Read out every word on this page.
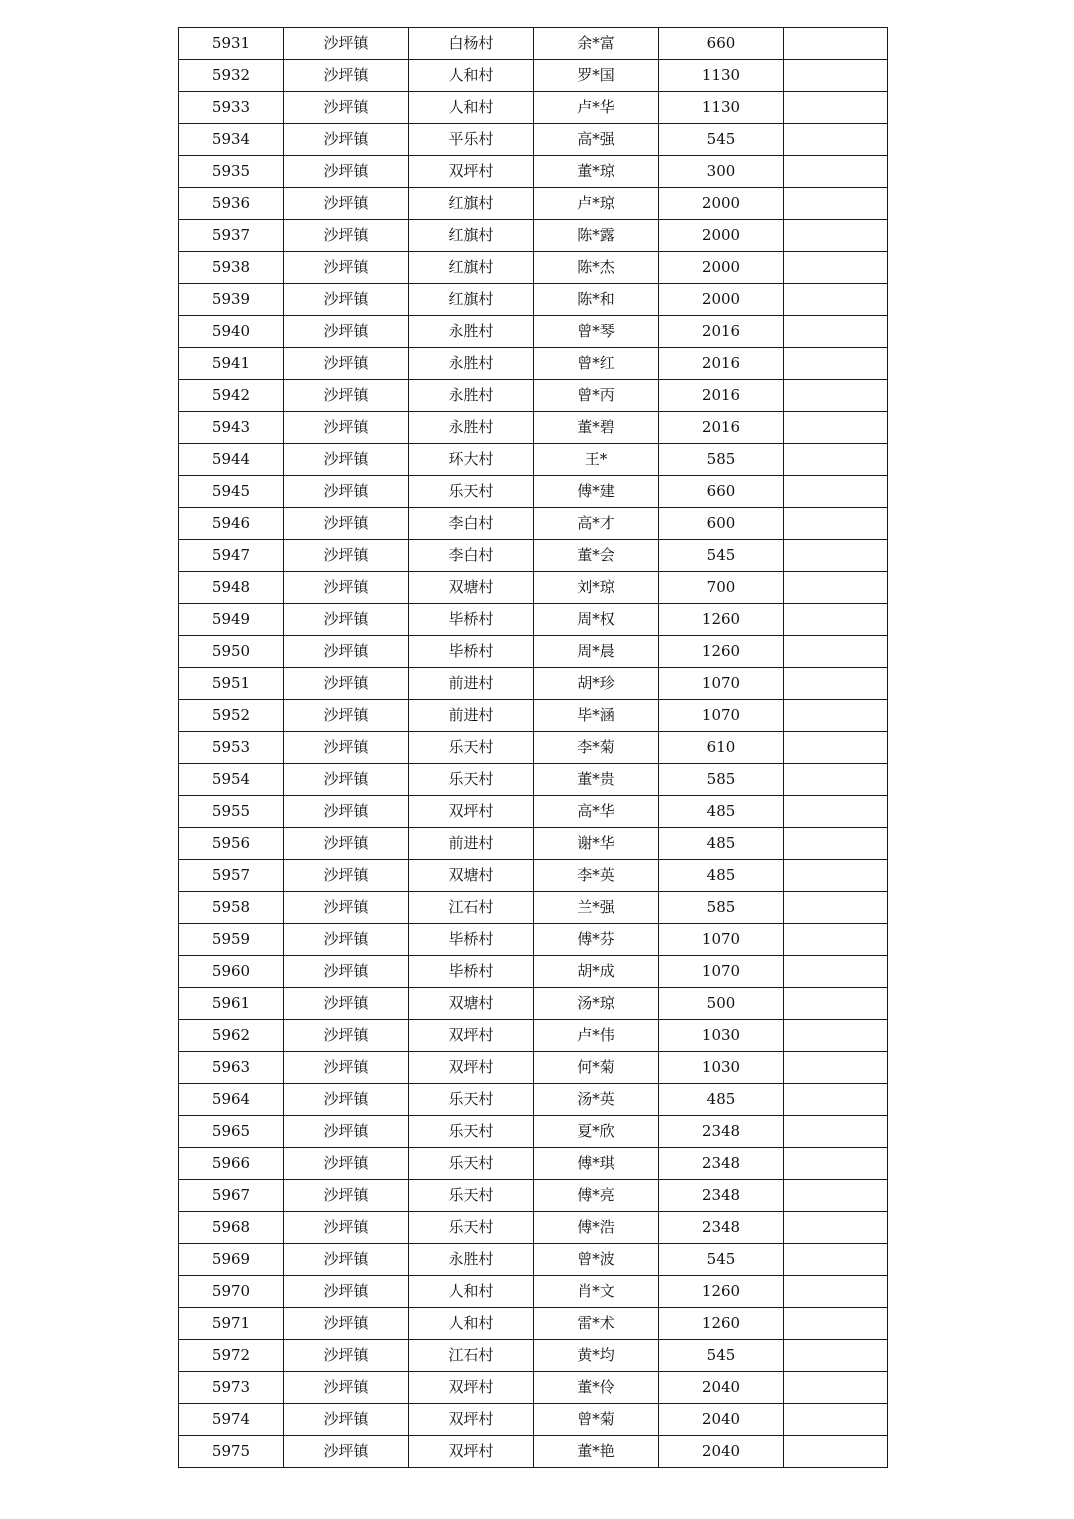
5931	沙坪镇	白杨村	余*富	660	
5932	沙坪镇	人和村	罗*国	1130	
5933	沙坪镇	人和村	卢*华	1130	
5934	沙坪镇	平乐村	高*强	545	
5935	沙坪镇	双坪村	董*琼	300	
5936	沙坪镇	红旗村	卢*琼	2000	
5937	沙坪镇	红旗村	陈*露	2000	
5938	沙坪镇	红旗村	陈*杰	2000	
5939	沙坪镇	红旗村	陈*和	2000	
5940	沙坪镇	永胜村	曾*琴	2016	
5941	沙坪镇	永胜村	曾*红	2016	
5942	沙坪镇	永胜村	曾*丙	2016	
5943	沙坪镇	永胜村	董*碧	2016	
5944	沙坪镇	环大村	王*	585	
5945	沙坪镇	乐天村	傅*建	660	
5946	沙坪镇	李白村	高*才	600	
5947	沙坪镇	李白村	董*会	545	
5948	沙坪镇	双塘村	刘*琼	700	
5949	沙坪镇	毕桥村	周*权	1260	
5950	沙坪镇	毕桥村	周*晨	1260	
5951	沙坪镇	前进村	胡*珍	1070	
5952	沙坪镇	前进村	毕*涵	1070	
5953	沙坪镇	乐天村	李*菊	610	
5954	沙坪镇	乐天村	董*贵	585	
5955	沙坪镇	双坪村	高*华	485	
5956	沙坪镇	前进村	谢*华	485	
5957	沙坪镇	双塘村	李*英	485	
5958	沙坪镇	江石村	兰*强	585	
5959	沙坪镇	毕桥村	傅*芬	1070	
5960	沙坪镇	毕桥村	胡*成	1070	
5961	沙坪镇	双塘村	汤*琼	500	
5962	沙坪镇	双坪村	卢*伟	1030	
5963	沙坪镇	双坪村	何*菊	1030	
5964	沙坪镇	乐天村	汤*英	485	
5965	沙坪镇	乐天村	夏*欣	2348	
5966	沙坪镇	乐天村	傅*琪	2348	
5967	沙坪镇	乐天村	傅*亮	2348	
5968	沙坪镇	乐天村	傅*浩	2348	
5969	沙坪镇	永胜村	曾*波	545	
5970	沙坪镇	人和村	肖*文	1260	
5971	沙坪镇	人和村	雷*术	1260	
5972	沙坪镇	江石村	黄*均	545	
5973	沙坪镇	双坪村	董*伶	2040	
5974	沙坪镇	双坪村	曾*菊	2040	
5975	沙坪镇	双坪村	董*艳	2040	
